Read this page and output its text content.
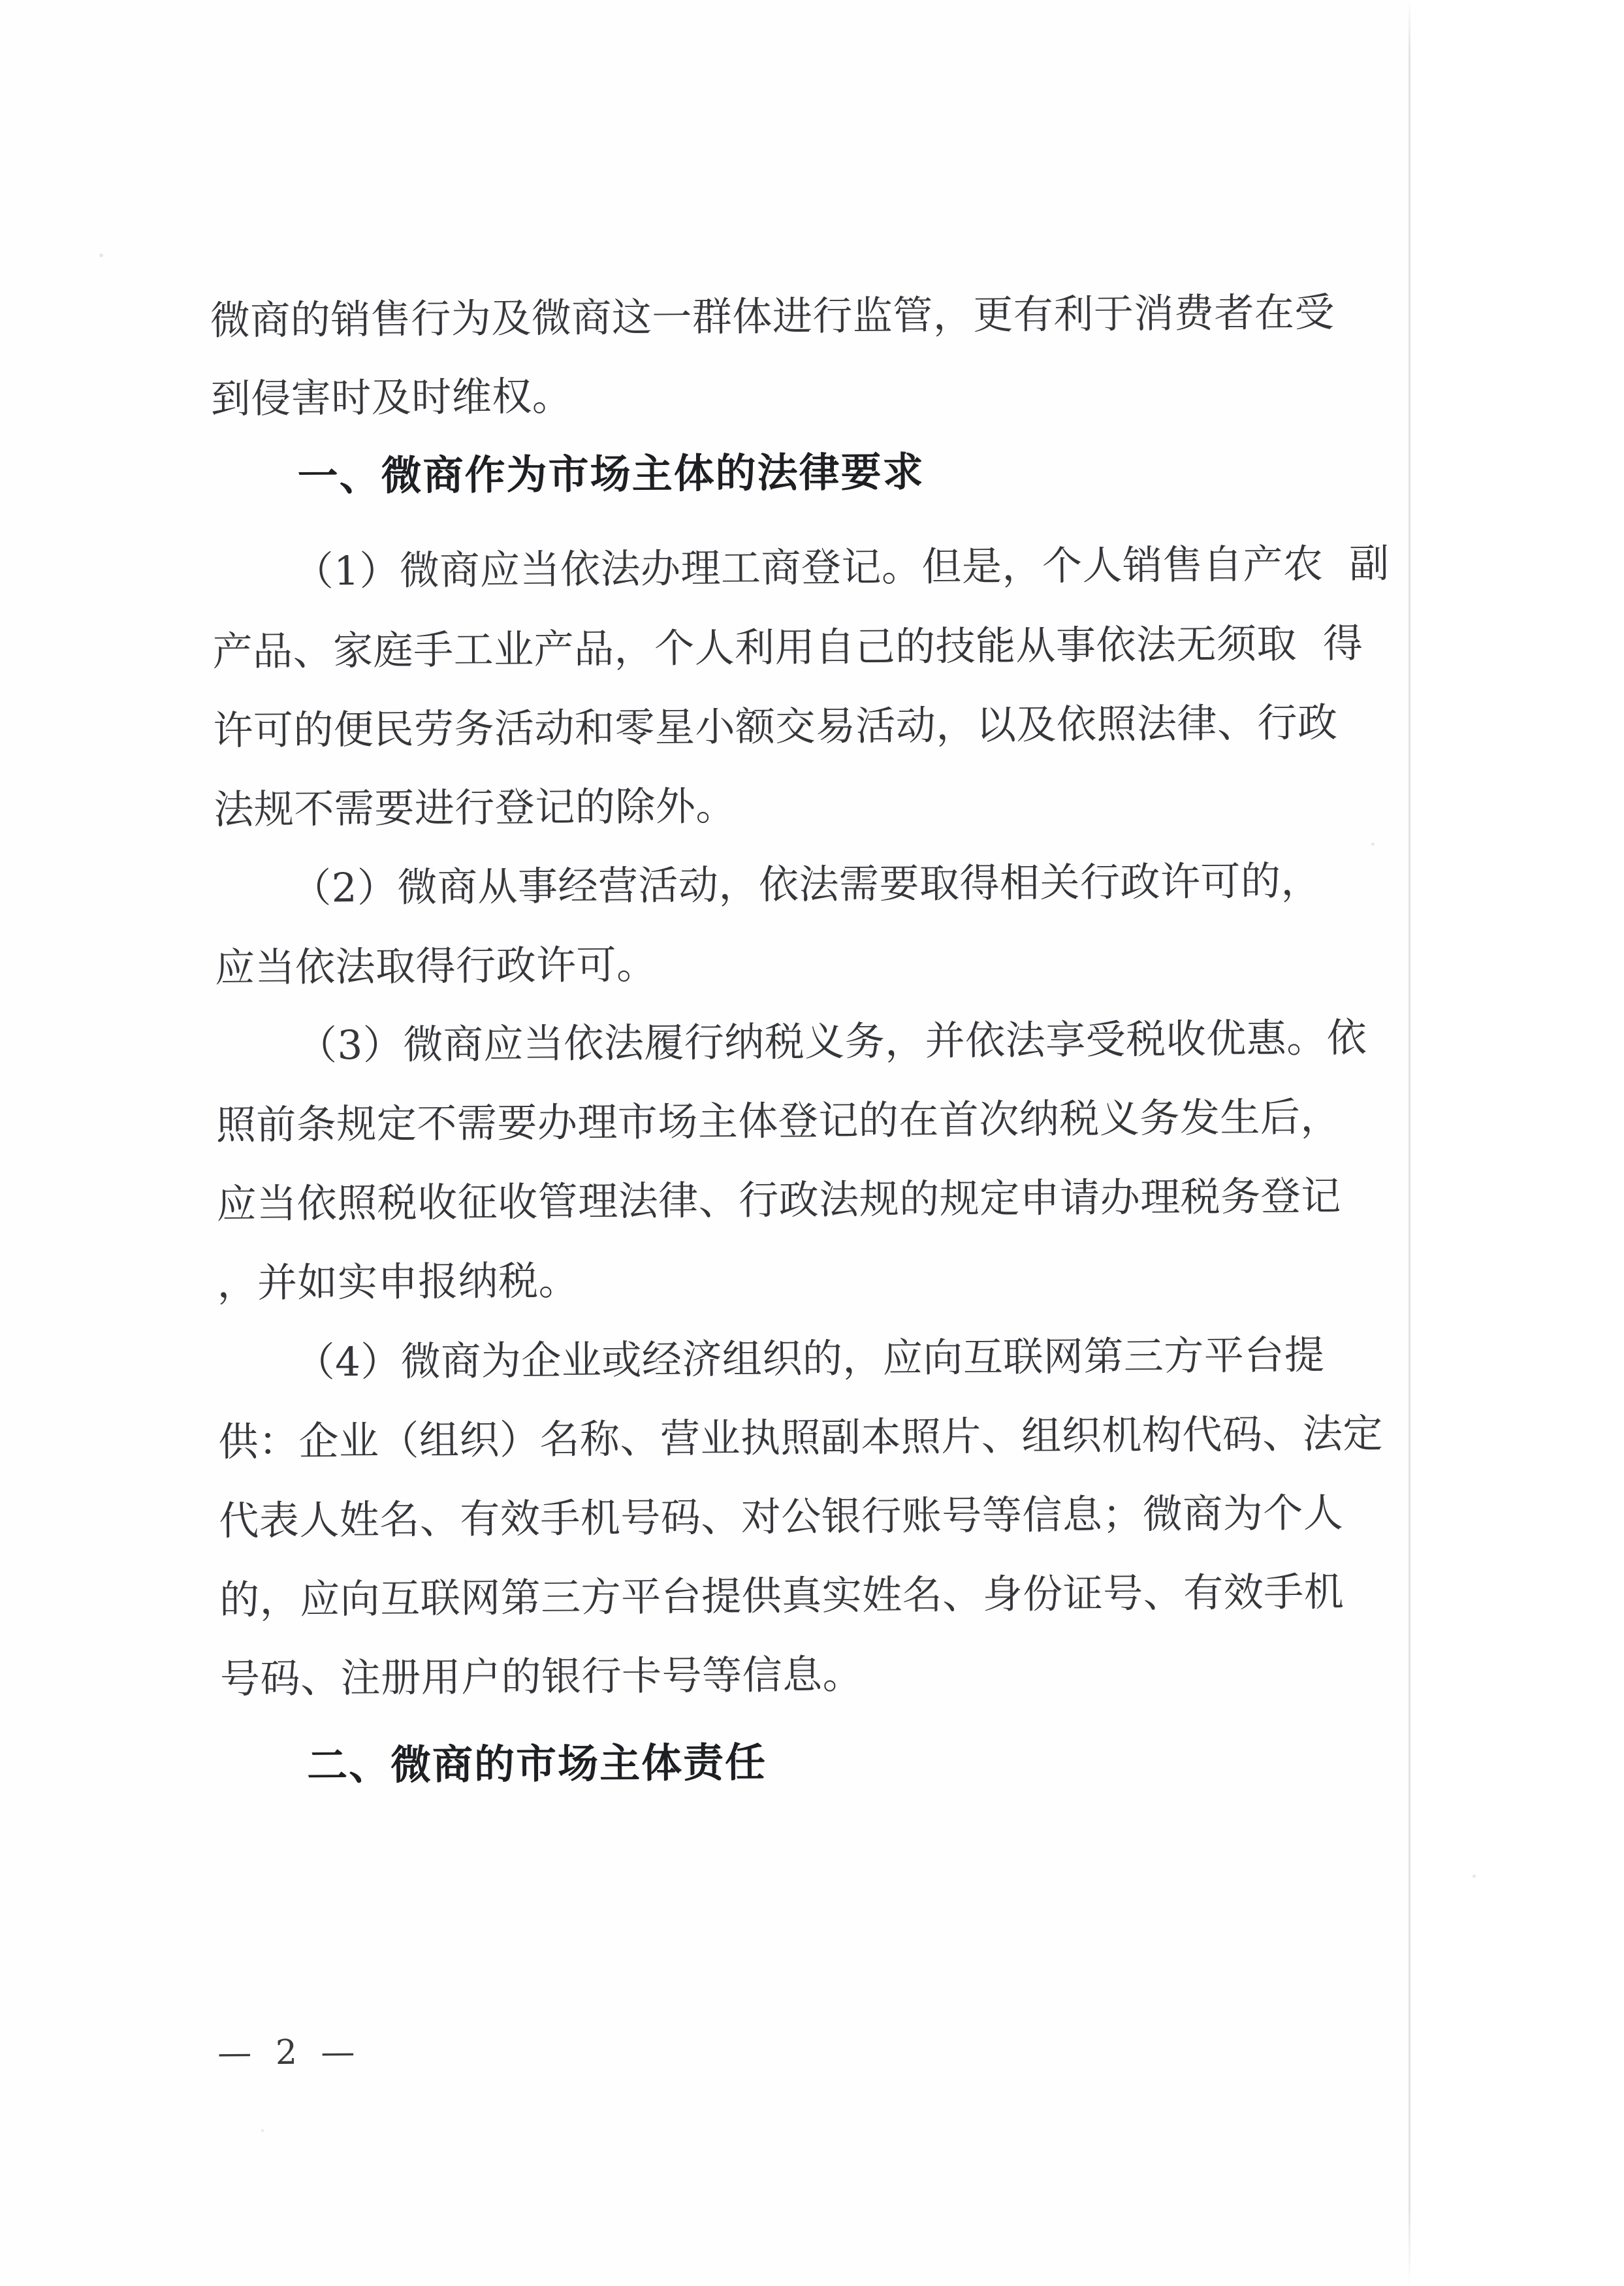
微商的销售行为及微商这一群体进行监管，更有利于消费者在受
到侵害时及时维权。
一、微商作为市场主体的法律要求
（1）微商应当依法办理工商登记。但是，个人销售自产农  副
产品、家庭手工业产品，个人利用自己的技能从事依法无须取  得
许可的便民劳务活动和零星小额交易活动，以及依照法律、行政
法规不需要进行登记的除外。
（2）微商从事经营活动，依法需要取得相关行政许可的，
应当依法取得行政许可。
（3）微商应当依法履行纳税义务，并依法享受税收优惠。依
照前条规定不需要办理市场主体登记的在首次纳税义务发生后，
应当依照税收征收管理法律、行政法规的规定申请办理税务登记
，并如实申报纳税。
（4）微商为企业或经济组织的，应向互联网第三方平台提
供：企业（组织）名称、营业执照副本照片、组织机构代码、法定
代表人姓名、有效手机号码、对公银行账号等信息；微商为个人
的，应向互联网第三方平台提供真实姓名、身份证号、有效手机
号码、注册用户的银行卡号等信息。
二、微商的市场主体责任
— 2 —
